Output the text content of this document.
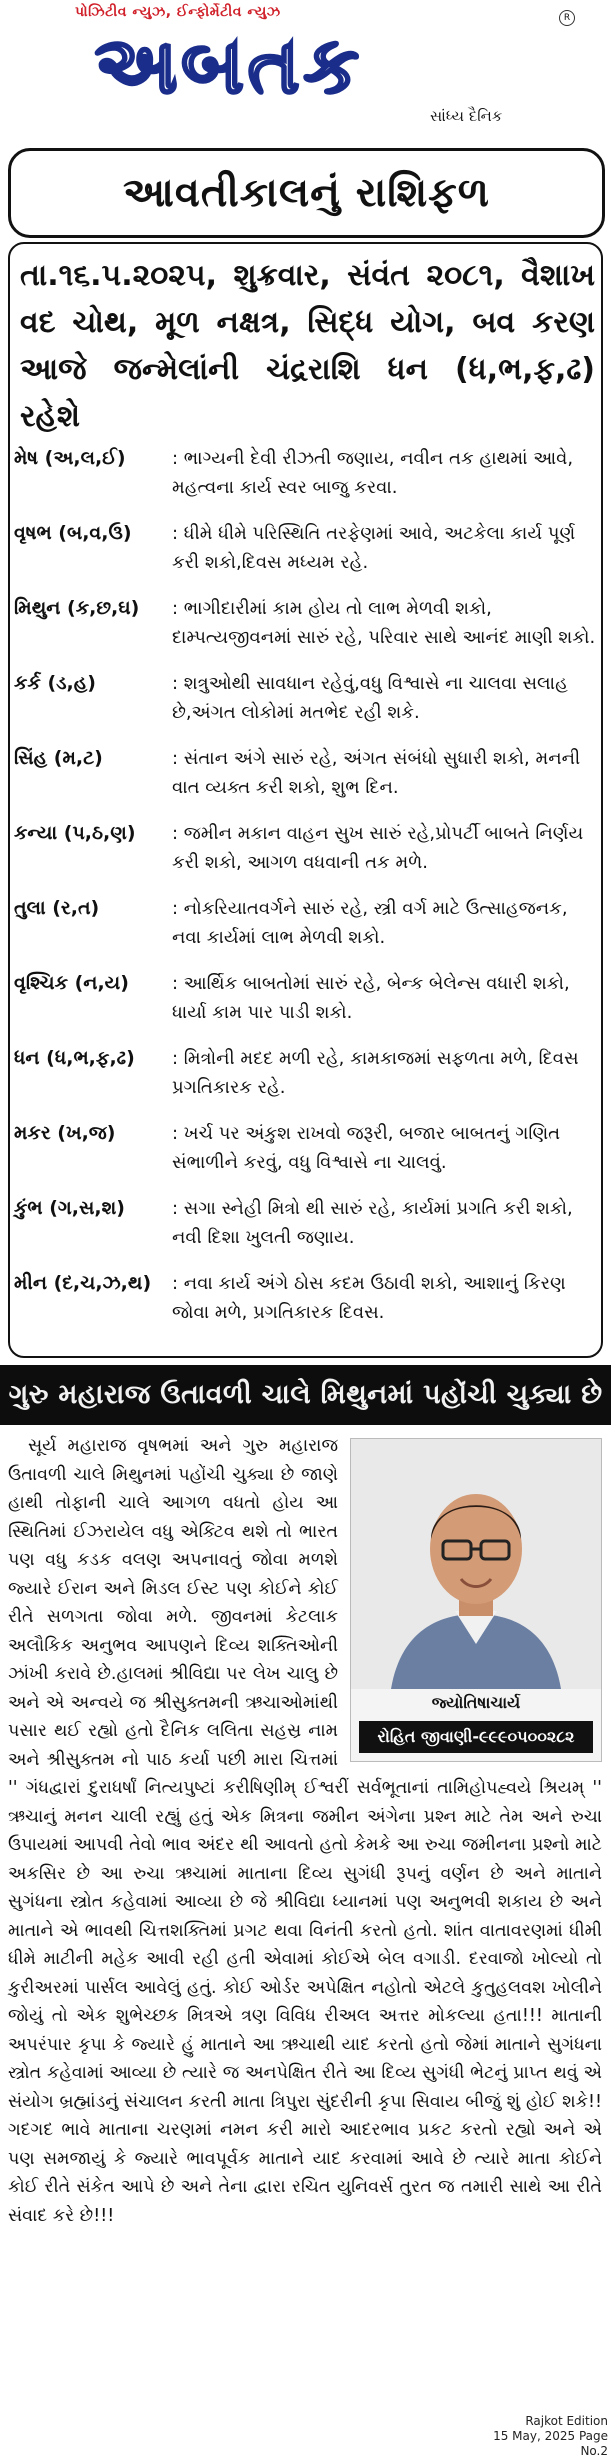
પોઝિટીવ ન્યુઝ, ઈન્ફોર્મેટીવ ન્યુઝ	R
અબતક
સાંધ્ય દૈનિક
આવતીકાલનું રાશિફળ
તા.૧૬.૫.૨૦૨૫, શુક્રવાર, સંવંત ૨૦૮૧, વૈશાખ વદ ચોથ, મૂળ નક્ષત્ર, સિદ્ધ યોગ, બવ કરણ આજે જન્મેલાંની ચંદ્રરાશિ ધન (ધ,ભ,ફ,ઢ) રહેશે
મેષ (અ,લ,ઈ)	: ભાગ્યની દેવી રીઝતી જણાય, નવીન તક હાથમાં આવે, મહત્વના કાર્ય સ્વર બાજુ કરવા.
વૃષભ (બ,વ,ઉ)	: ધીમે ધીમે પરિસ્થિતિ તરફેણમાં આવે, અટકેલા કાર્ય પૂર્ણ કરી શકો,દિવસ મધ્યમ રહે.
મિથુન (ક,છ,ઘ)	: ભાગીદારીમાં કામ હોય તો લાભ મેળવી શકો, દામ્પત્યજીવનમાં સારું રહે, પરિવાર સાથે આનંદ માણી શકો.
કર્ક (ડ,હ)	: શત્રુઓથી સાવધાન રહેવું,વધુ વિશ્વાસે ના ચાલવા સલાહ છે,અંગત લોકોમાં મતભેદ રહી શકે.
સિંહ (મ,ટ)	: સંતાન અંગે સારું રહે, અંગત સંબંધો સુધારી શકો, મનની વાત વ્યક્ત કરી શકો, શુભ દિન.
કન્યા (પ,ઠ,ણ)	: જમીન મકાન વાહન સુખ સારું રહે,પ્રોપર્ટી બાબતે નિર્ણય કરી શકો, આગળ વધવાની તક મળે.
તુલા (ર,ત)	: નોકરિયાતવર્ગને સારું રહે, સ્ત્રી વર્ગ માટે ઉત્સાહજનક, નવા કાર્યમાં લાભ મેળવી શકો.
વૃશ્ચિક (ન,ય)	: આર્થિક બાબતોમાં સારું રહે, બેન્ક બેલેન્સ વધારી શકો, ધાર્યા કામ પાર પાડી શકો.
ધન (ધ,ભ,ફ,ઢ)	: મિત્રોની મદદ મળી રહે, કામકાજમાં સફળતા મળે, દિવસ પ્રગતિકારક રહે.
મકર (ખ,જ)	: ખર્ચ પર અંકુશ રાખવો જરૂરી, બજાર બાબતનું ગણિત સંભાળીને કરવું, વધુ વિશ્વાસે ના ચાલવું.
કુંભ (ગ,સ,શ)	: સગા સ્નેહી મિત્રો થી સારું રહે, કાર્યમાં પ્રગતિ કરી શકો, નવી દિશા ખુલતી જણાય.
મીન (દ,ચ,ઝ,થ)	: નવા કાર્ય અંગે ઠોસ કદમ ઉઠાવી શકો, આશાનું કિરણ જોવા મળે, પ્રગતિકારક દિવસ.
ગુરુ મહારાજ ઉતાવળી ચાલે મિથુનમાં પહોંચી ચુક્યા છે
જ્યોતિષાચાર્ય
રોહિત જીવાણી-૯૯૯૦૫૦૦૨૮૨

સૂર્ય મહારાજ વૃષભમાં અને ગુરુ મહારાજ ઉતાવળી ચાલે મિથુનમાં પહોંચી ચુક્યા છે જાણે હાથી તોફાની ચાલે આગળ વધતો હોય આ સ્થિતિમાં ઈઝરાયેલ વધુ એક્ટિવ થશે તો ભારત પણ વધુ કડક વલણ અપનાવતું જોવા મળશે જ્યારે ઈરાન અને મિડલ ઈસ્ટ પણ કોઈને કોઈ રીતે સળગતા જોવા મળે. જીવનમાં કેટલાક અલૌકિક અનુભવ આપણને દિવ્ય શક્તિઓની ઝાંખી કરાવે છે.હાલમાં શ્રીવિદ્યા પર લેખ ચાલુ છે અને એ અન્વયે જ શ્રીસુક્તમની ઋચાઓમાંથી પસાર થઈ રહ્યો હતો દૈનિક લલિતા સહસ્ર નામ અને શ્રીસુક્તમ નો પાઠ કર્યા પછી મારા ચિત્તમાં '' ગંધદ્વારાં દુરાધર્ષાં નિત્યપુષ્ટાં કરીષિણીમ્ ઈશ્વરીં સર્વભૂતાનાં તામિહોપહ્વયે શ્રિયમ્ '' ઋચાનું મનન ચાલી રહ્યું હતું એક મિત્રના જમીન અંગેના પ્રશ્ન માટે તેમ અને રુચા ઉપાયમાં આપવી તેવો ભાવ અંદર થી આવતો હતો કેમકે આ રુચા જમીનના પ્રશ્નો માટે અકસિર છે આ રુચા ઋચામાં માતાના દિવ્ય સુગંધી રૂપનું વર્ણન છે અને માતાને સુગંધના સ્ત્રોત કહેવામાં આવ્યા છે જે શ્રીવિદ્યા ધ્યાનમાં પણ અનુભવી શકાય છે અને માતાને એ ભાવથી ચિત્તશક્તિમાં પ્રગટ થવા વિનંતી કરતો હતો. શાંત વાતાવરણમાં ધીમી ધીમે માટીની મહેક આવી રહી હતી એવામાં કોઈએ બેલ વગાડી. દરવાજો ખોલ્યો તો કુરીઅરમાં પાર્સલ આવેલું હતું. કોઈ ઓર્ડર અપેક્ષિત નહોતો એટલે કુતુહલવશ ખોલીને જોયું તો એક શુભેચ્છક મિત્રએ ત્રણ વિવિધ રીઅલ અત્તર મોકલ્યા હતા!!! માતાની અપરંપાર કૃપા કે જ્યારે હું માતાને આ ઋચાથી યાદ કરતો હતો જેમાં માતાને સુગંધના સ્ત્રોત કહેવામાં આવ્યા છે ત્યારે જ અનપેક્ષિત રીતે આ દિવ્ય સુગંધી ભેટનું પ્રાપ્ત થવું એ સંયોગ બ્રહ્માંડનું સંચાલન કરતી માતા ત્રિપુરા સુંદરીની કૃપા સિવાય બીજું શું હોઈ શકે!! ગદગદ ભાવે માતાના ચરણમાં નમન કરી મારો આદરભાવ પ્રકટ કરતો રહ્યો અને એ પણ સમજાયું કે જ્યારે ભાવપૂર્વક માતાને યાદ કરવામાં આવે છે ત્યારે માતા કોઈને કોઈ રીતે સંકેત આપે છે અને તેના દ્વારા રચિત યુનિવર્સ તુરત જ તમારી સાથે આ રીતે સંવાદ કરે છે!!!

Rajkot Edition
15 May, 2025 Page No.2
